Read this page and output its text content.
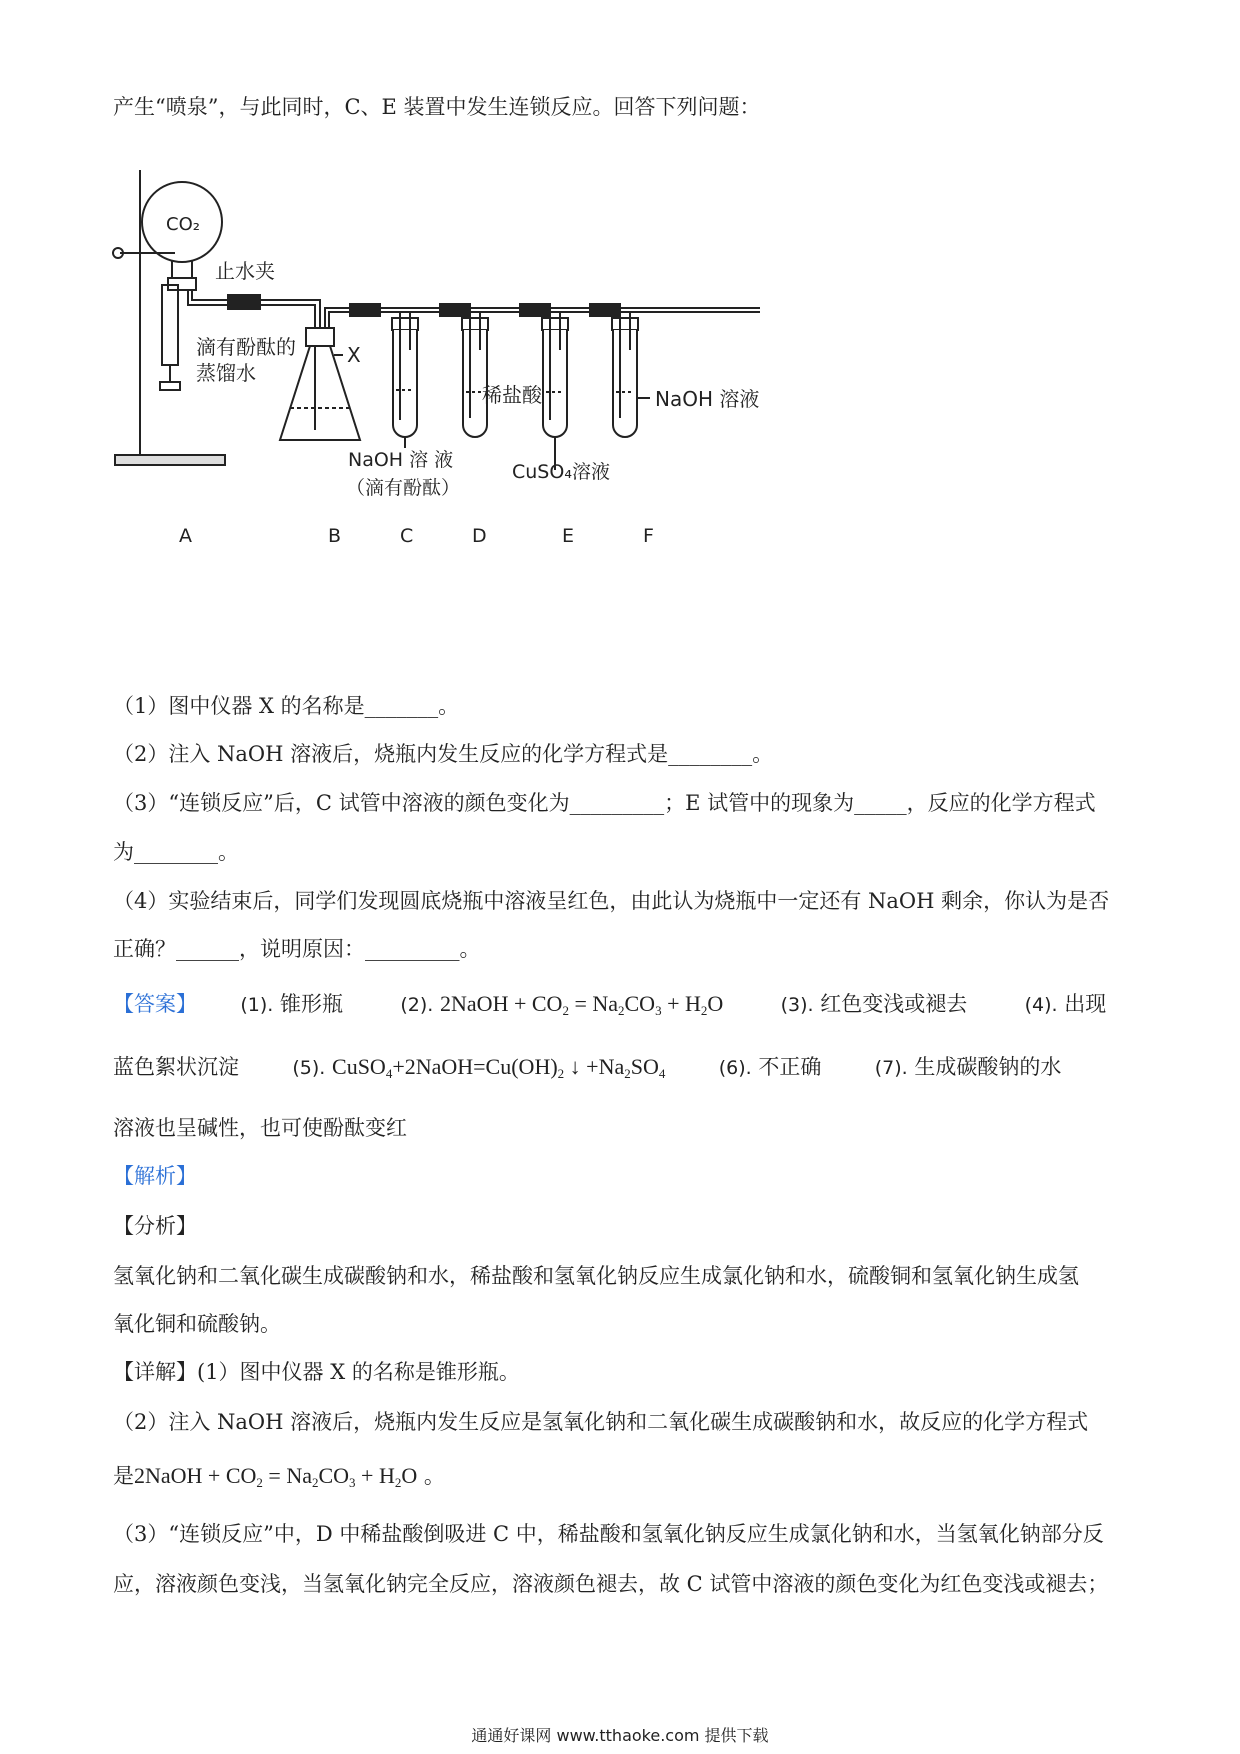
产生“喷泉”，与此同时，C、E 装置中发生连锁反应。回答下列问题：
CO₂
止水夹
滴有酚酞的
蒸馏水
X
稀盐酸	NaOH 溶液
NaOH 溶 液
（滴有酚酞）
CuSO₄溶液
A	B	C	D	E	F
（1）图中仪器 X 的名称是_______。
（2）注入 NaOH 溶液后，烧瓶内发生反应的化学方程式是________。
（3）“连锁反应”后，C 试管中溶液的颜色变化为_________；E 试管中的现象为_____，反应的化学方程式
为________。
（4）实验结束后，同学们发现圆底烧瓶中溶液呈红色，由此认为烧瓶中一定还有 NaOH 剩余，你认为是否
正确？______，说明原因：_________。
【答案】 (1). 锥形瓶	(2). 2NaOH + $CO_2 = Na_2CO_3 + H_2O$	(3). 红色变浅或褪去	(4). 出现
蓝色絮状沉淀	(5). $CuSO_4+2NaOH=Cu(OH)_2$ ↓ $+Na_2SO_4$	(6). 不正确	(7). 生成碳酸钠的水
溶液也呈碱性，也可使酚酞变红
【解析】
【分析】
氢氧化钠和二氧化碳生成碳酸钠和水，稀盐酸和氢氧化钠反应生成氯化钠和水，硫酸铜和氢氧化钠生成氢
氧化铜和硫酸钠。
【详解】(1）图中仪器 X 的名称是锥形瓶。
（2）注入 NaOH 溶液后，烧瓶内发生反应是氢氧化钠和二氧化碳生成碳酸钠和水，故反应的化学方程式
是2NaOH + $CO_2 = Na_2CO_3 + H_2O$ 。
（3）“连锁反应”中，D 中稀盐酸倒吸进 C 中，稀盐酸和氢氧化钠反应生成氯化钠和水，当氢氧化钠部分反
应，溶液颜色变浅，当氢氧化钠完全反应，溶液颜色褪去，故 C 试管中溶液的颜色变化为红色变浅或褪去；
通通好课网 www.tthaoke.com 提供下载
